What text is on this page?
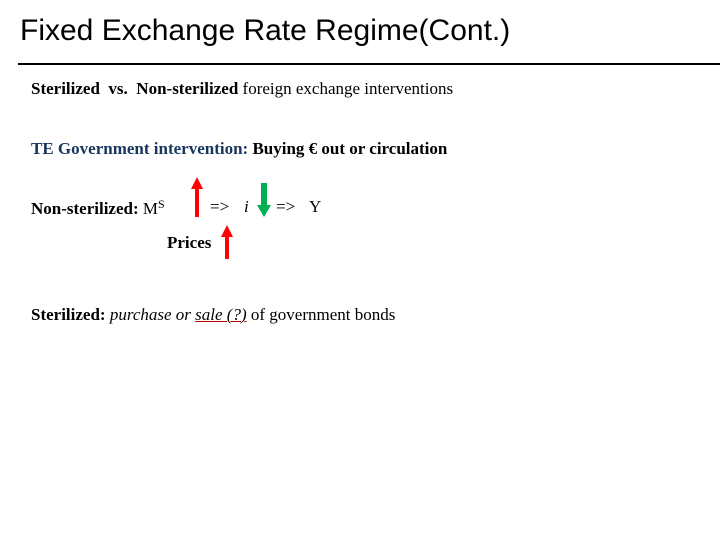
Fixed Exchange Rate Regime(Cont.)
Sterilized vs. Non-sterilized foreign exchange interventions
TE Government intervention: Buying € out or circulation
Non-sterilized: $M^S$	=> i => Y
Prices
Sterilized: purchase or sale (?) of government bonds
